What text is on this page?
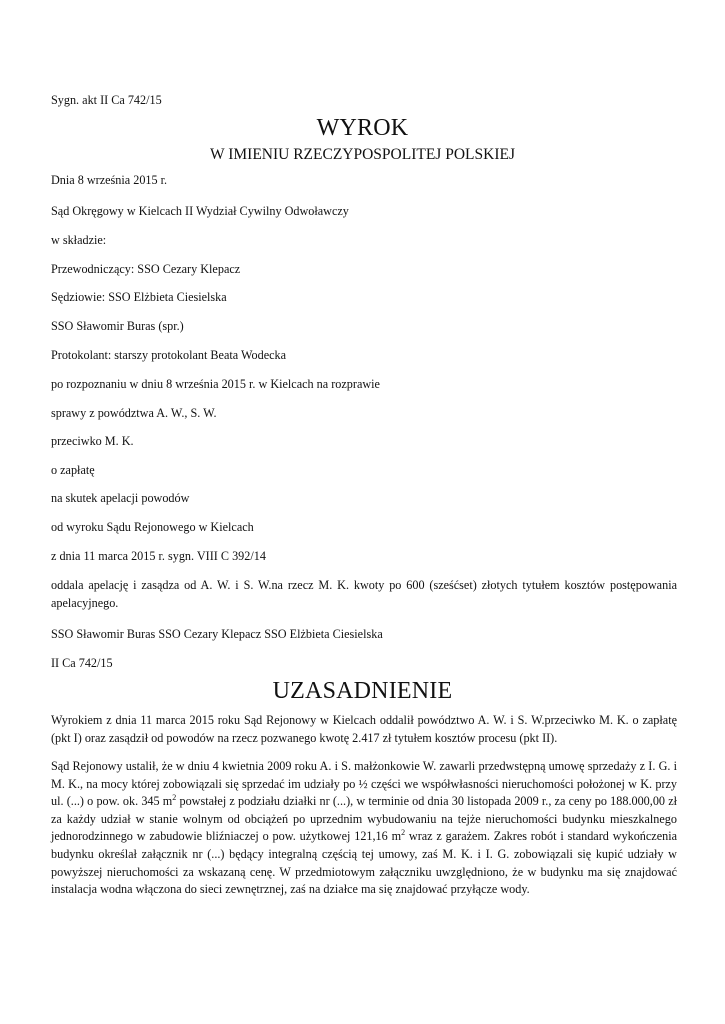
Sygn. akt II Ca 742/15
WYROK
W IMIENIU RZECZYPOSPOLITEJ POLSKIEJ
Dnia 8 września 2015 r.
Sąd Okręgowy w Kielcach II Wydział Cywilny Odwoławczy
w składzie:
Przewodniczący: SSO Cezary Klepacz
Sędziowie: SSO Elżbieta Ciesielska
SSO Sławomir Buras (spr.)
Protokolant: starszy protokolant Beata Wodecka
po rozpoznaniu w dniu 8 września 2015 r. w Kielcach na rozprawie
sprawy z powództwa A. W., S. W.
przeciwko M. K.
o zapłatę
na skutek apelacji powodów
od wyroku Sądu Rejonowego w Kielcach
z dnia 11 marca 2015 r. sygn. VIII C 392/14
oddala apelację i zasądza od A. W. i S. W.na rzecz M. K. kwoty po 600 (sześćset) złotych tytułem kosztów postępowania apelacyjnego.
SSO Sławomir Buras SSO Cezary Klepacz SSO Elżbieta Ciesielska
II Ca 742/15
UZASADNIENIE
Wyrokiem z dnia 11 marca 2015 roku Sąd Rejonowy w Kielcach oddalił powództwo A. W. i S. W.przeciwko M. K. o zapłatę (pkt I) oraz zasądził od powodów na rzecz pozwanego kwotę 2.417 zł tytułem kosztów procesu (pkt II).
Sąd Rejonowy ustalił, że w dniu 4 kwietnia 2009 roku A. i S. małżonkowie W. zawarli przedwstępną umowę sprzedaży z I. G. i M. K., na mocy której zobowiązali się sprzedać im udziały po ½ części we współwłasności nieruchomości położonej w K. przy ul. (...) o pow. ok. 345 $m^2$ powstałej z podziału działki nr (...), w terminie od dnia 30 listopada 2009 r., za ceny po 188.000,00 zł za każdy udział w stanie wolnym od obciążeń po uprzednim wybudowaniu na tejże nieruchomości budynku mieszkalnego jednorodzinnego w zabudowie bliźniaczej o pow. użytkowej 121,16 $m^2$ wraz z garażem. Zakres robót i standard wykończenia budynku określał załącznik nr (...) będący integralną częścią tej umowy, zaś M. K. i I. G. zobowiązali się kupić udziały w powyższej nieruchomości za wskazaną cenę. W przedmiotowym załączniku uwzględniono, że w budynku ma się znajdować instalacja wodna włączona do sieci zewnętrznej, zaś na działce ma się znajdować przyłącze wody.
